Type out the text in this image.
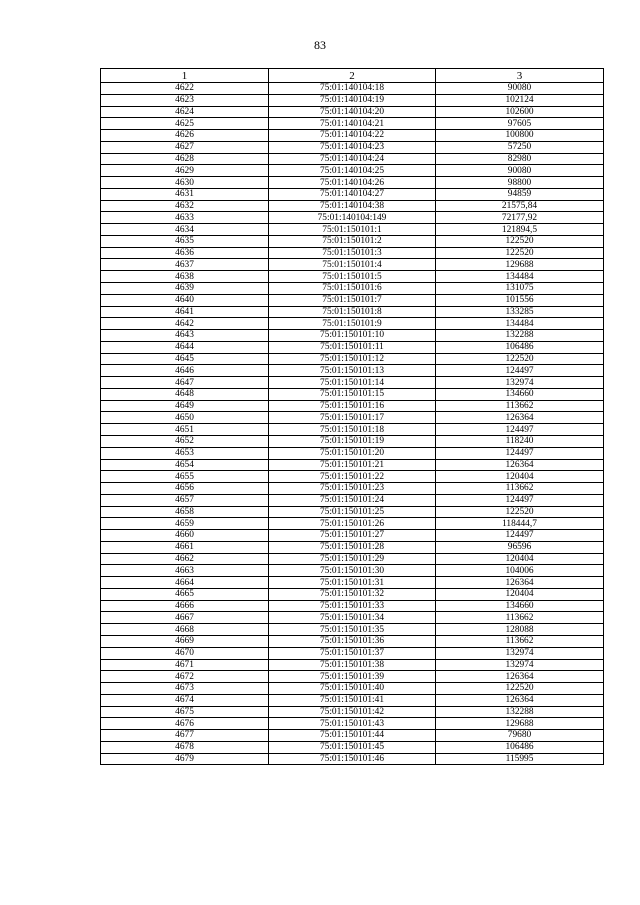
83
1	2	3
4622	75:01:140104:18	90080
4623	75:01:140104:19	102124
4624	75:01:140104:20	102600
4625	75:01:140104:21	97605
4626	75:01:140104:22	100800
4627	75:01:140104:23	57250
4628	75:01:140104:24	82980
4629	75:01:140104:25	90080
4630	75:01:140104:26	98800
4631	75:01:140104:27	94859
4632	75:01:140104:38	21575,84
4633	75:01:140104:149	72177,92
4634	75:01:150101:1	121894,5
4635	75:01:150101:2	122520
4636	75:01:150101:3	122520
4637	75:01:150101:4	129688
4638	75:01:150101:5	134484
4639	75:01:150101:6	131075
4640	75:01:150101:7	101556
4641	75:01:150101:8	133285
4642	75:01:150101:9	134484
4643	75:01:150101:10	132288
4644	75:01:150101:11	106486
4645	75:01:150101:12	122520
4646	75:01:150101:13	124497
4647	75:01:150101:14	132974
4648	75:01:150101:15	134660
4649	75:01:150101:16	113662
4650	75:01:150101:17	126364
4651	75:01:150101:18	124497
4652	75:01:150101:19	118240
4653	75:01:150101:20	124497
4654	75:01:150101:21	126364
4655	75:01:150101:22	120404
4656	75:01:150101:23	113662
4657	75:01:150101:24	124497
4658	75:01:150101:25	122520
4659	75:01:150101:26	118444,7
4660	75:01:150101:27	124497
4661	75:01:150101:28	96596
4662	75:01:150101:29	120404
4663	75:01:150101:30	104006
4664	75:01:150101:31	126364
4665	75:01:150101:32	120404
4666	75:01:150101:33	134660
4667	75:01:150101:34	113662
4668	75:01:150101:35	128088
4669	75:01:150101:36	113662
4670	75:01:150101:37	132974
4671	75:01:150101:38	132974
4672	75:01:150101:39	126364
4673	75:01:150101:40	122520
4674	75:01:150101:41	126364
4675	75:01:150101:42	132288
4676	75:01:150101:43	129688
4677	75:01:150101:44	79680
4678	75:01:150101:45	106486
4679	75:01:150101:46	115995
